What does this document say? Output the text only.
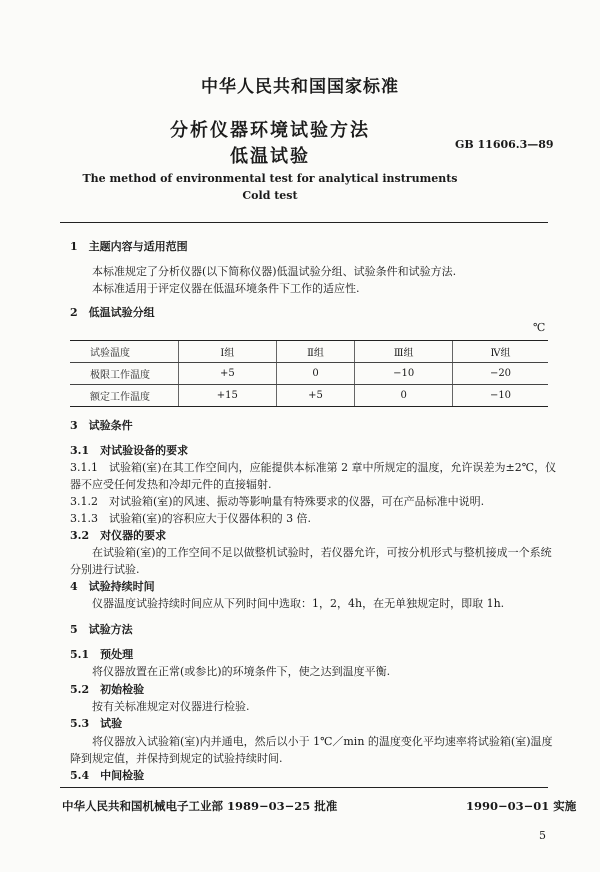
中华人民共和国国家标准
分析仪器环境试验方法
低温试验
GB 11606.3—89
The method of environmental test for analytical instruments
Cold test
1　主题内容与适用范围
本标准规定了分析仪器(以下简称仪器)低温试验分组、试验条件和试验方法.
本标准适用于评定仪器在低温环境条件下工作的适应性.
2　低温试验分组
℃
试验温度	Ⅰ组	Ⅱ组	Ⅲ组	Ⅳ组
极限工作温度	+5	0	−10	−20
额定工作温度	+15	+5	0	−10
3　试验条件
3.1　对试验设备的要求
3.1.1　试验箱(室)在其工作空间内，应能提供本标准第 2 章中所规定的温度，允许误差为±2℃，仪
器不应受任何发热和冷却元件的直接辐射.
3.1.2　对试验箱(室)的风速、振动等影响量有特殊要求的仪器，可在产品标准中说明.
3.1.3　试验箱(室)的容积应大于仪器体积的 3 倍.
3.2　对仪器的要求
在试验箱(室)的工作空间不足以做整机试验时，若仪器允许，可按分机形式与整机接成一个系统
分别进行试验.
4　试验持续时间
仪器温度试验持续时间应从下列时间中选取：1，2，4h，在无单独规定时，即取 1h.
5　试验方法
5.1　预处理
将仪器放置在正常(或参比)的环境条件下，使之达到温度平衡.
5.2　初始检验
按有关标准规定对仪器进行检验.
5.3　试验
将仪器放入试验箱(室)内并通电，然后以小于 1℃／min 的温度变化平均速率将试验箱(室)温度
降到规定值，并保持到规定的试验持续时间.
5.4　中间检验
中华人民共和国机械电子工业部 1989−03−25 批准	1990−03−01 实施
5
